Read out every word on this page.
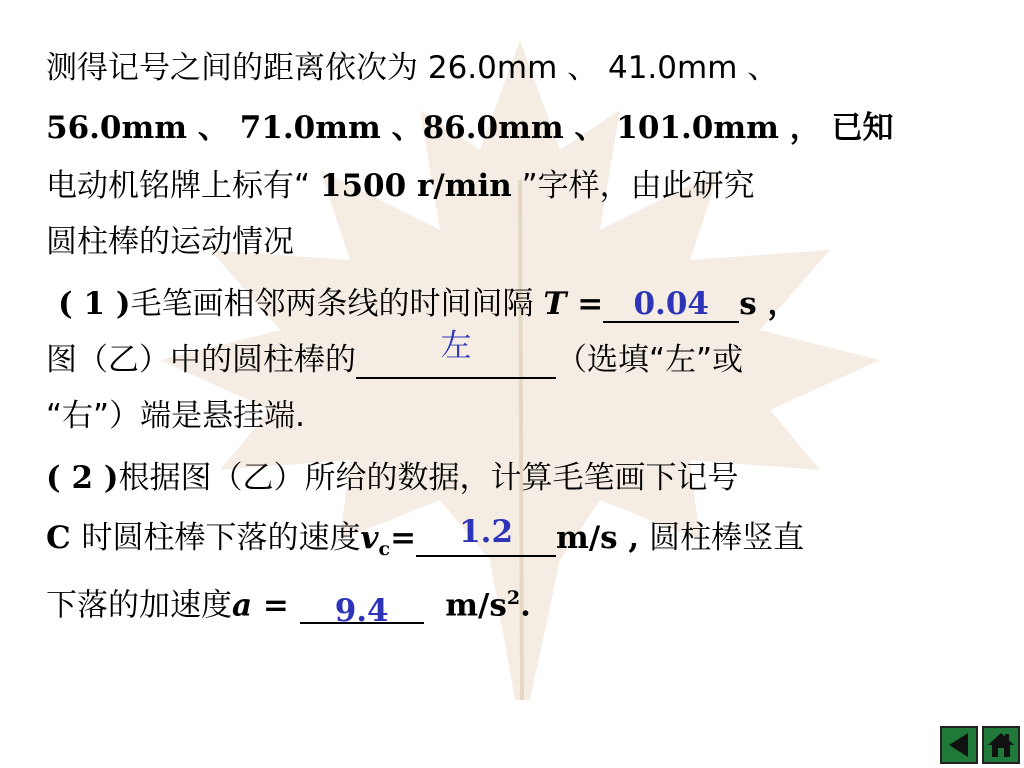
测得记号之间的距离依次为 26.0mm 、 41.0mm 、
56.0mm 、 71.0mm 、86.0mm 、 101.0mm ， 已知
电动机铭牌上标有“ 1500 r/min ”字样，由此研究
圆柱棒的运动情况
( 1 )毛笔画相邻两条线的时间间隔 T = 0.04 s ，
图（乙）中的圆柱棒的	左	（选填“左”或
“右”）端是悬挂端.
( 2 )根据图（乙）所给的数据，计算毛笔画下记号
C 时圆柱棒下落的速度$v_c= 1.2$ m/s , 圆柱棒竖直
下落的加速度a = 9.4 $m/s^2$.
